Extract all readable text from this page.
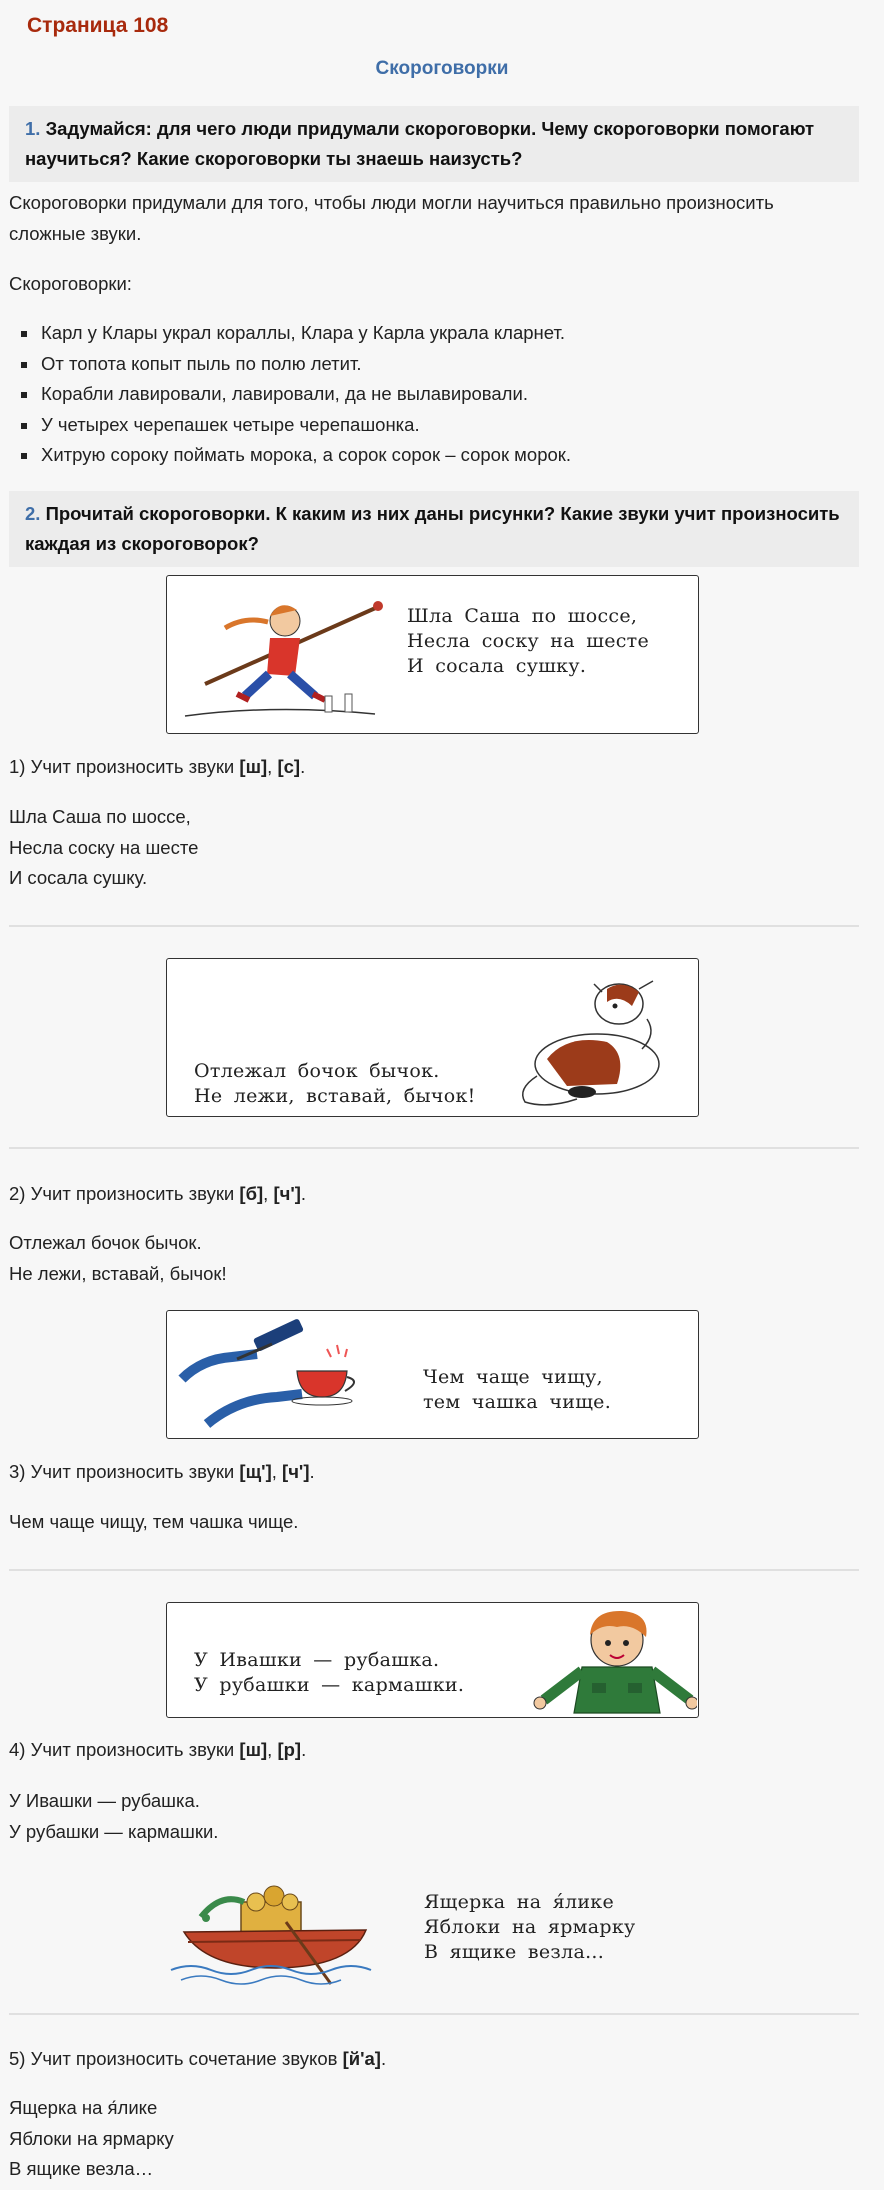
Страница 108
Скороговорки
1. Задумайся: для чего люди придумали скороговорки. Чему скороговорки помогают научиться? Какие скороговорки ты знаешь наизусть?
Скороговорки придумали для того, чтобы люди могли научиться правильно произносить
сложные звуки.
Скороговорки:
▪ Карл у Клары украл кораллы, Клара у Карла украла кларнет.
▪ От топота копыт пыль по полю летит.
▪ Корабли лавировали, лавировали, да не вылавировали.
▪ У четырех черепашек четыре черепашонка.
▪ Хитрую сороку поймать морока, а сорок сорок – сорок морок.
2. Прочитай скороговорки. К каким из них даны рисунки? Какие звуки учит произносить каждая из скороговорок?
Шла Саша по шоссе,
Несла соску на шесте
И сосала сушку.
1) Учит произносить звуки [ш], [с].
Шла Саша по шоссе,
Несла соску на шесте
И сосала сушку.
Отлежал бочок бычок.
Не лежи, вставай, бычок!
2) Учит произносить звуки [б], [ч'].
Отлежал бочок бычок.
Не лежи, вставай, бычок!
Чем чаще чищу,
тем чашка чище.
3) Учит произносить звуки [щ'], [ч'].
Чем чаще чищу, тем чашка чище.
У Ивашки — рубашка.
У рубашки — кармашки.
4) Учит произносить звуки [ш], [р].
У Ивашки — рубашка.
У рубашки — кармашки.
Ящерка на я́лике
Яблоки на ярмарку
В ящике везла...
5) Учит произносить сочетание звуков [й'а].
Ящерка на я́лике
Яблоки на ярмарку
В ящике везла…
